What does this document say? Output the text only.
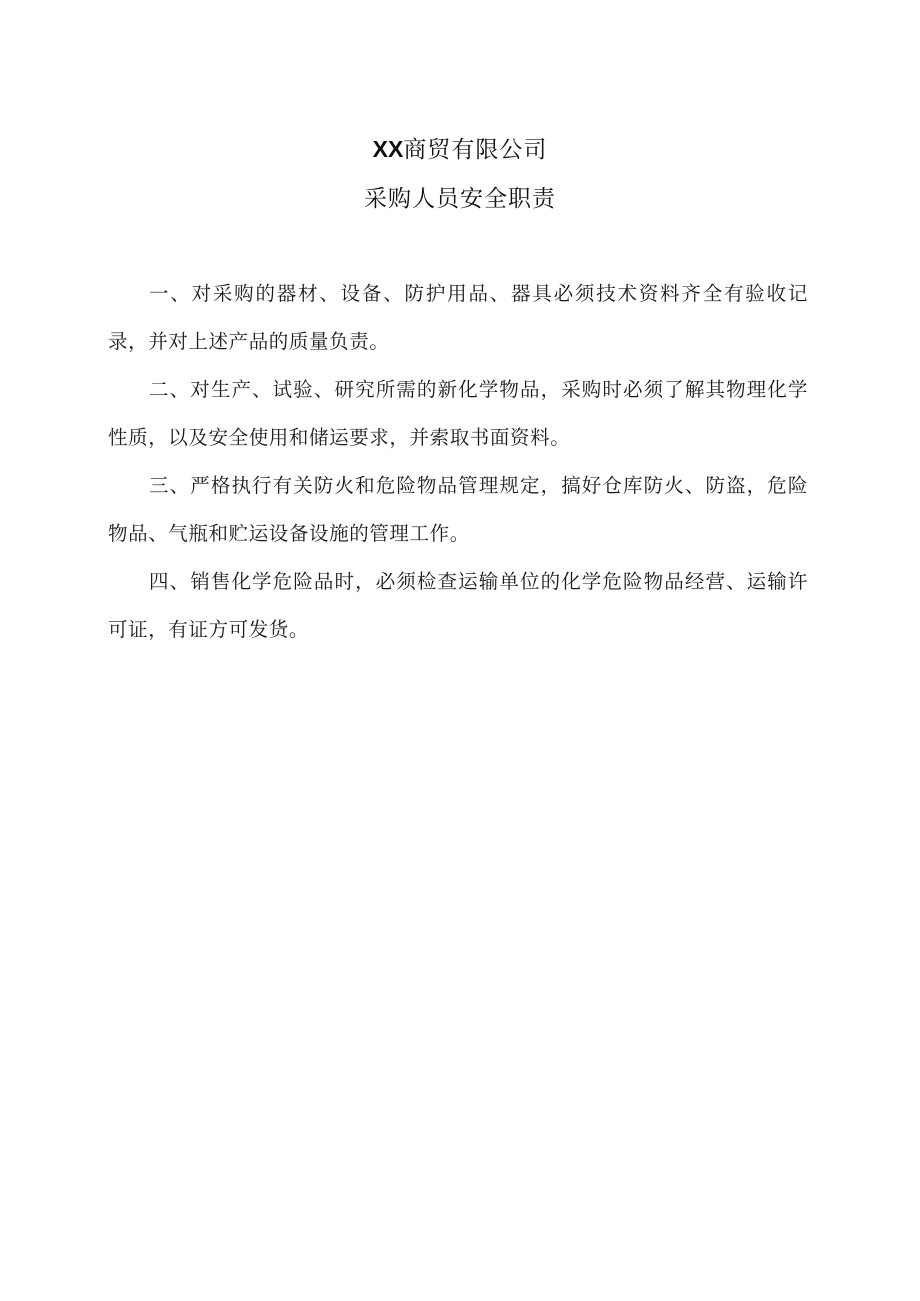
XX商贸有限公司
采购人员安全职责

一、对采购的器材、设备、防护用品、器具必须技术资料齐全有验收记录，并对上述产品的质量负责。

二、对生产、试验、研究所需的新化学物品，采购时必须了解其物理化学性质，以及安全使用和储运要求，并索取书面资料。

三、严格执行有关防火和危险物品管理规定，搞好仓库防火、防盗，危险物品、气瓶和贮运设备设施的管理工作。

四、销售化学危险品时，必须检查运输单位的化学危险物品经营、运输许可证，有证方可发货。
